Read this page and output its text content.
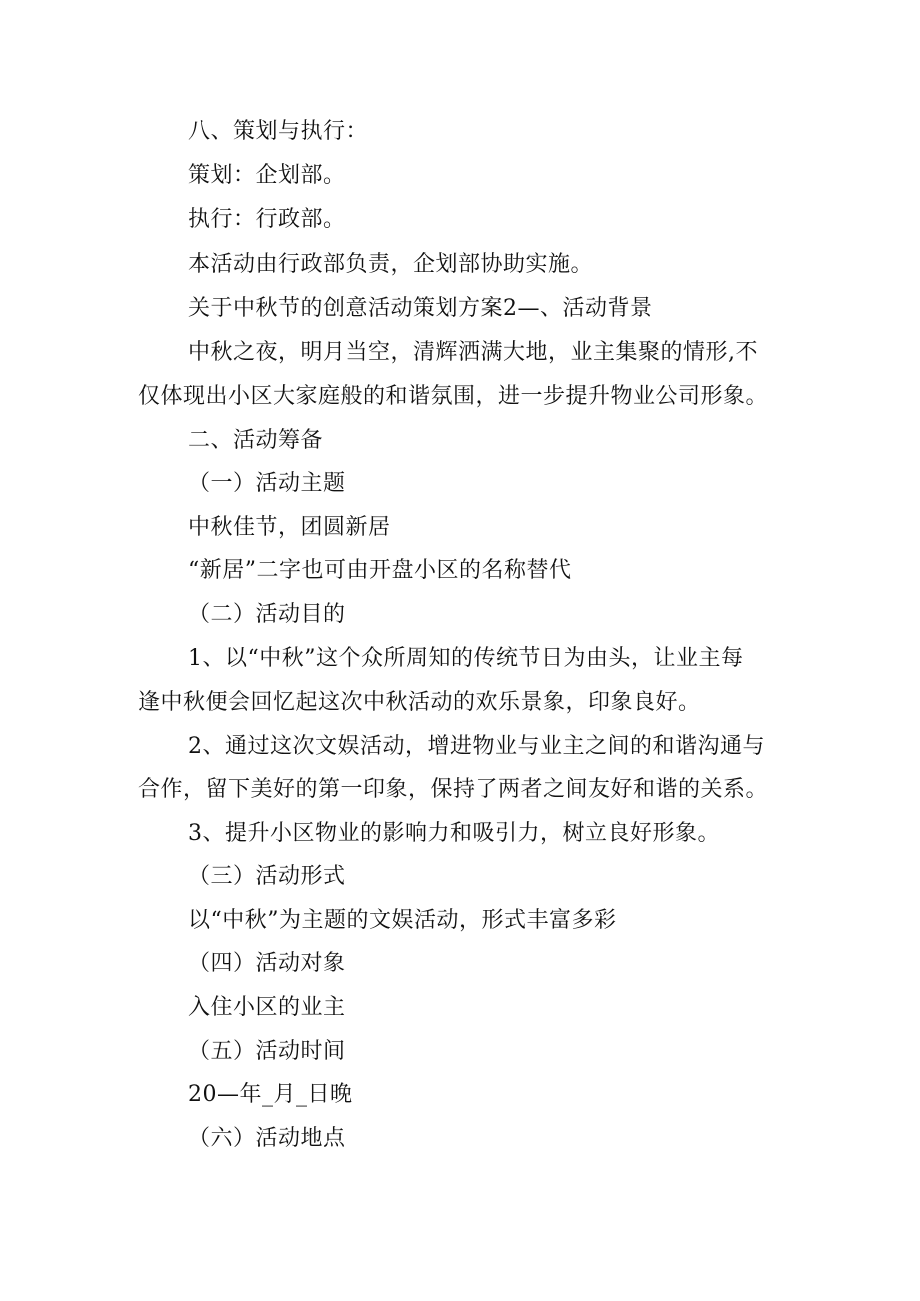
八、策划与执行：
策划：企划部。
执行：行政部。
本活动由行政部负责，企划部协助实施。
关于中秋节的创意活动策划方案2—、活动背景
中秋之夜，明月当空，清辉洒满大地，业主集聚的情形,不
仅体现出小区大家庭般的和谐氛围，进一步提升物业公司形象。
二、活动筹备
（一）活动主题
中秋佳节，团圆新居
“新居”二字也可由开盘小区的名称替代
（二）活动目的
1、以“中秋”这个众所周知的传统节日为由头，让业主每
逢中秋便会回忆起这次中秋活动的欢乐景象，印象良好。
2、通过这次文娱活动，增进物业与业主之间的和谐沟通与
合作，留下美好的第一印象，保持了两者之间友好和谐的关系。
3、提升小区物业的影响力和吸引力，树立良好形象。
（三）活动形式
以“中秋”为主题的文娱活动，形式丰富多彩
（四）活动对象
入住小区的业主
（五）活动时间
20—年_月_日晚
（六）活动地点
